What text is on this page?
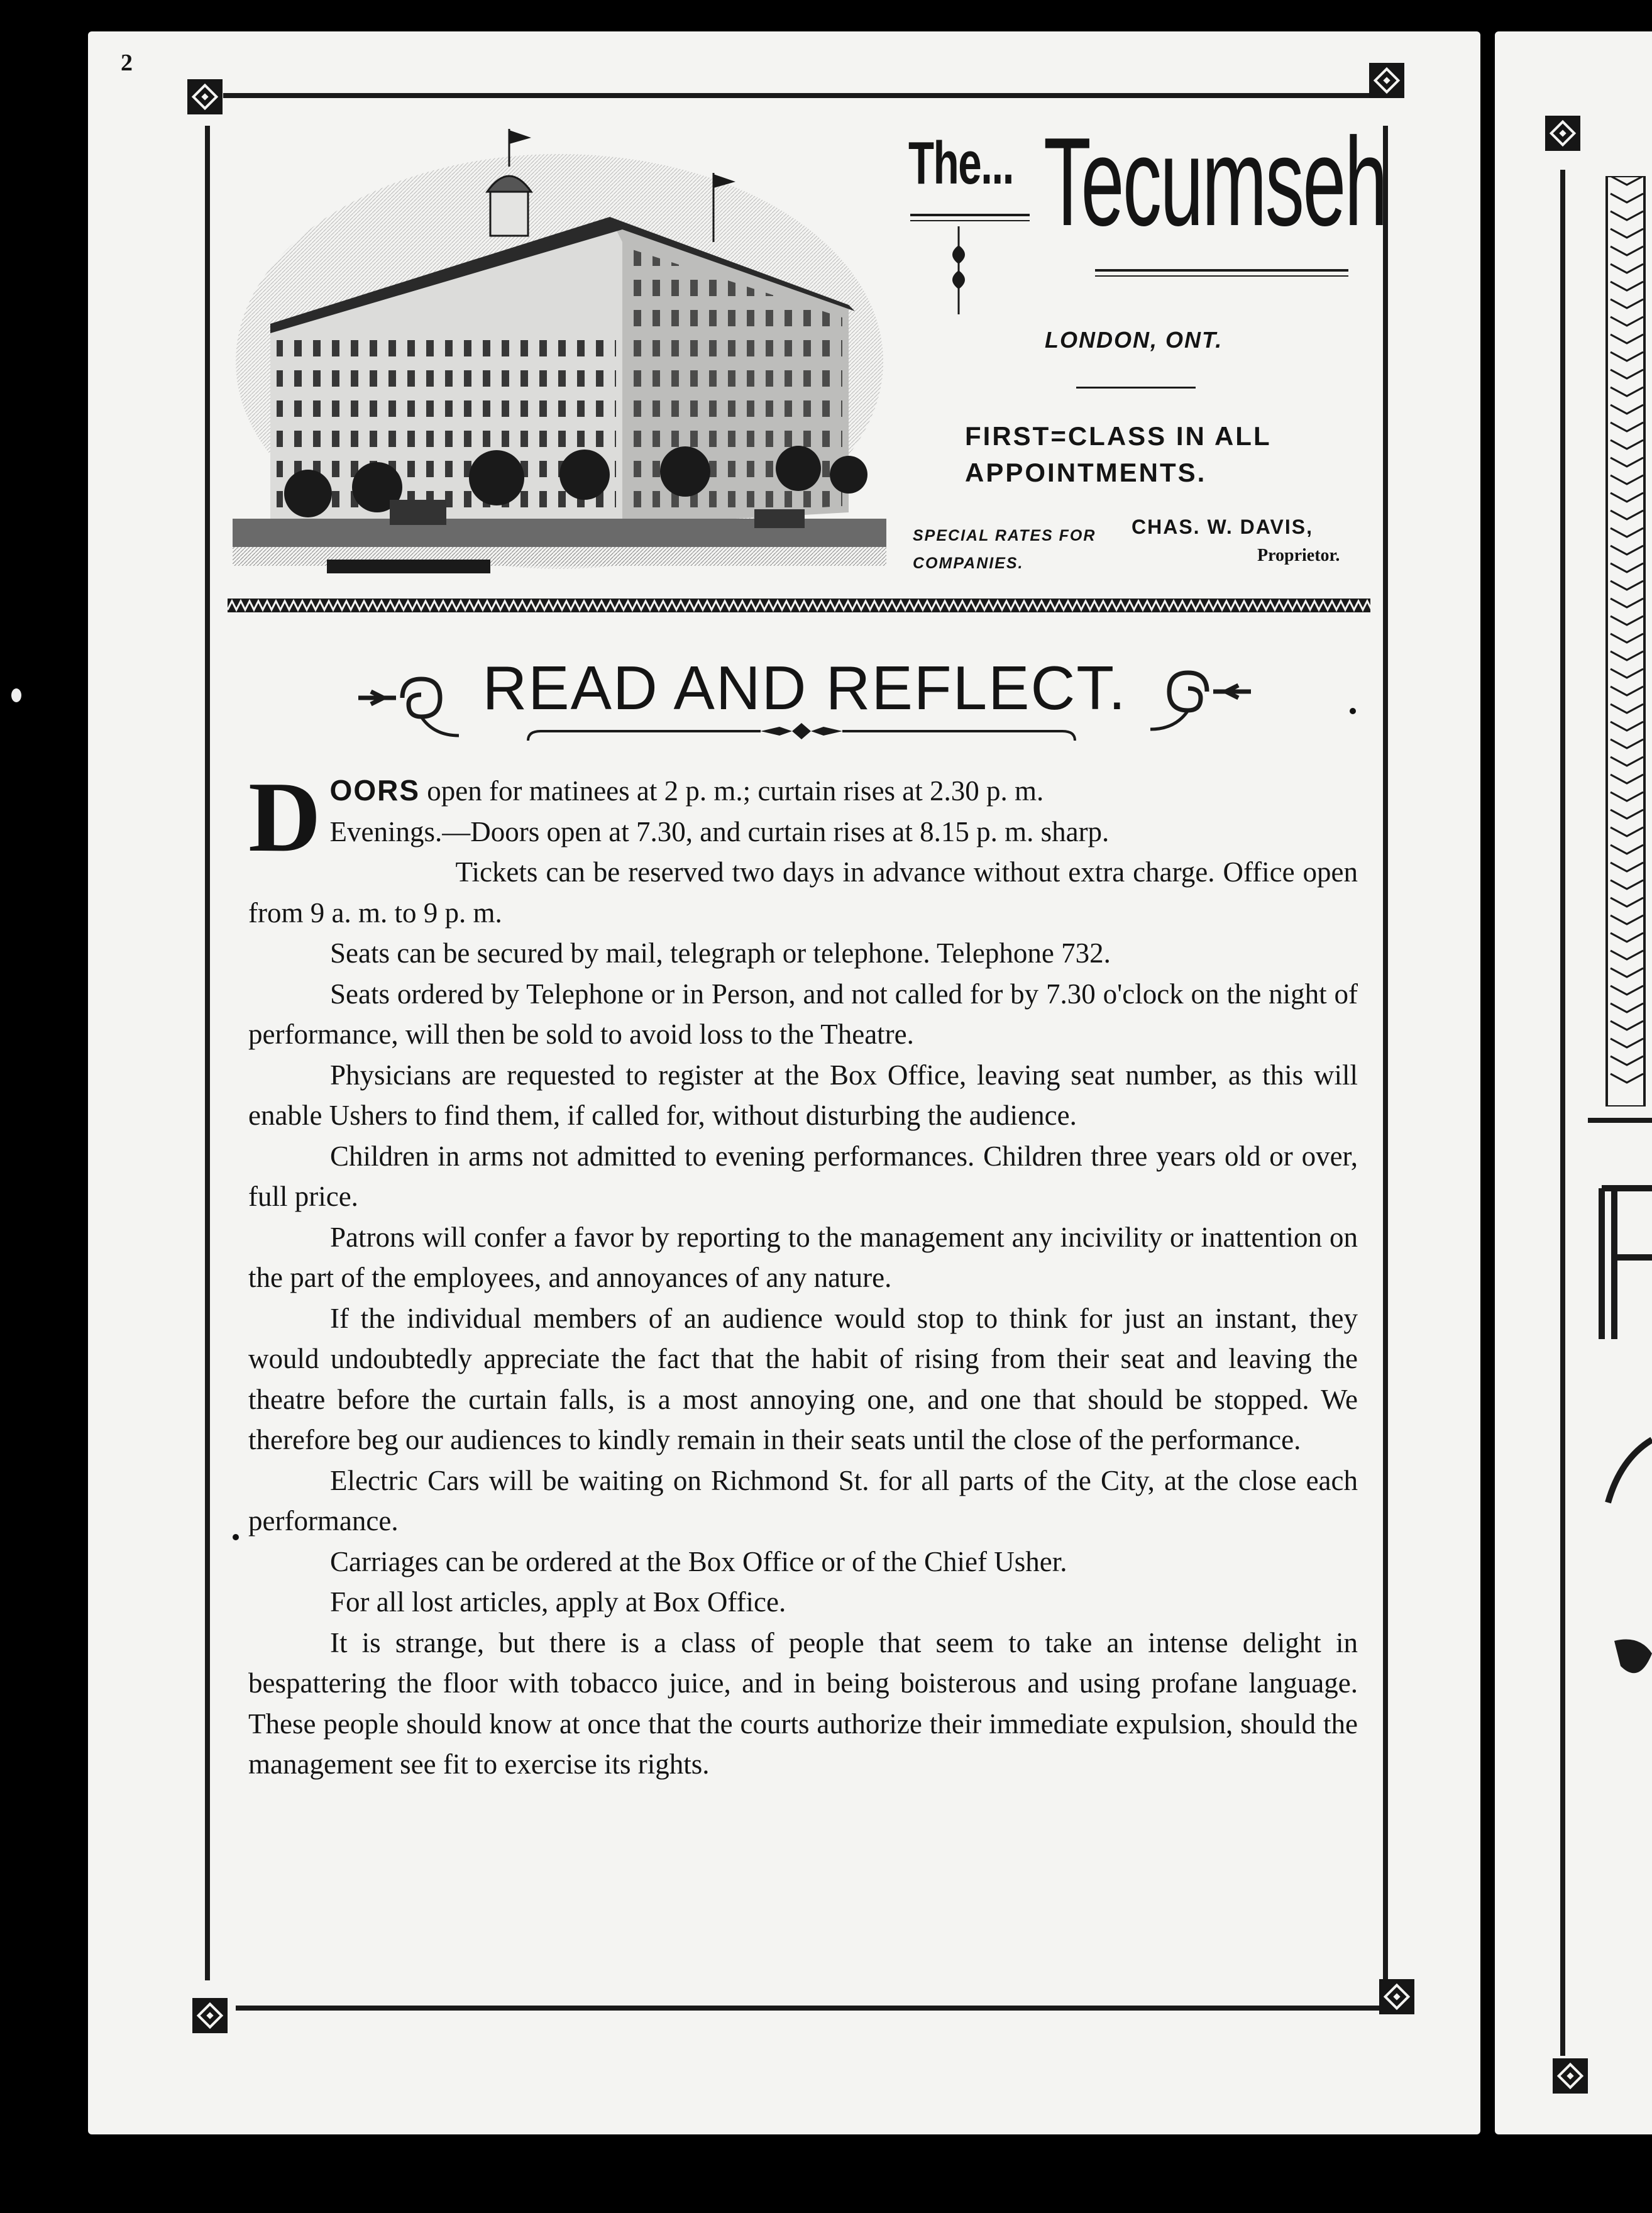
2
The... Tecumseh
LONDON, ONT.
FIRST=CLASS IN ALL APPOINTMENTS.
SPECIAL RATES FOR COMPANIES.
CHAS. W. DAVIS,
Proprietor.
READ AND REFLECT.

DOORS open for matinees at 2 p. m.; curtain rises at 2.30 p. m.
Evenings.—Doors open at 7.30, and curtain rises at 8.15 p. m. sharp.
Tickets can be reserved two days in advance without extra charge. Office open from 9 a. m. to 9 p. m.

Seats can be secured by mail, telegraph or telephone. Telephone 732.

Seats ordered by Telephone or in Person, and not called for by 7.30 o'clock on the night of performance, will then be sold to avoid loss to the Theatre.

Physicians are requested to register at the Box Office, leaving seat number, as this will enable Ushers to find them, if called for, without disturbing the audience.

Children in arms not admitted to evening performances. Children three years old or over, full price.

Patrons will confer a favor by reporting to the management any incivility or inattention on the part of the employees, and annoyances of any nature.

If the individual members of an audience would stop to think for just an instant, they would undoubtedly appreciate the fact that the habit of rising from their seat and leaving the theatre before the curtain falls, is a most annoying one, and one that should be stopped. We therefore beg our audiences to kindly remain in their seats until the close of the performance.

Electric Cars will be waiting on Richmond St. for all parts of the City, at the close each performance.

Carriages can be ordered at the Box Office or of the Chief Usher.

For all lost articles, apply at Box Office.

It is strange, but there is a class of people that seem to take an intense delight in bespattering the floor with tobacco juice, and in being boisterous and using profane language. These people should know at once that the courts authorize their immediate expulsion, should the management see fit to exercise its rights.
